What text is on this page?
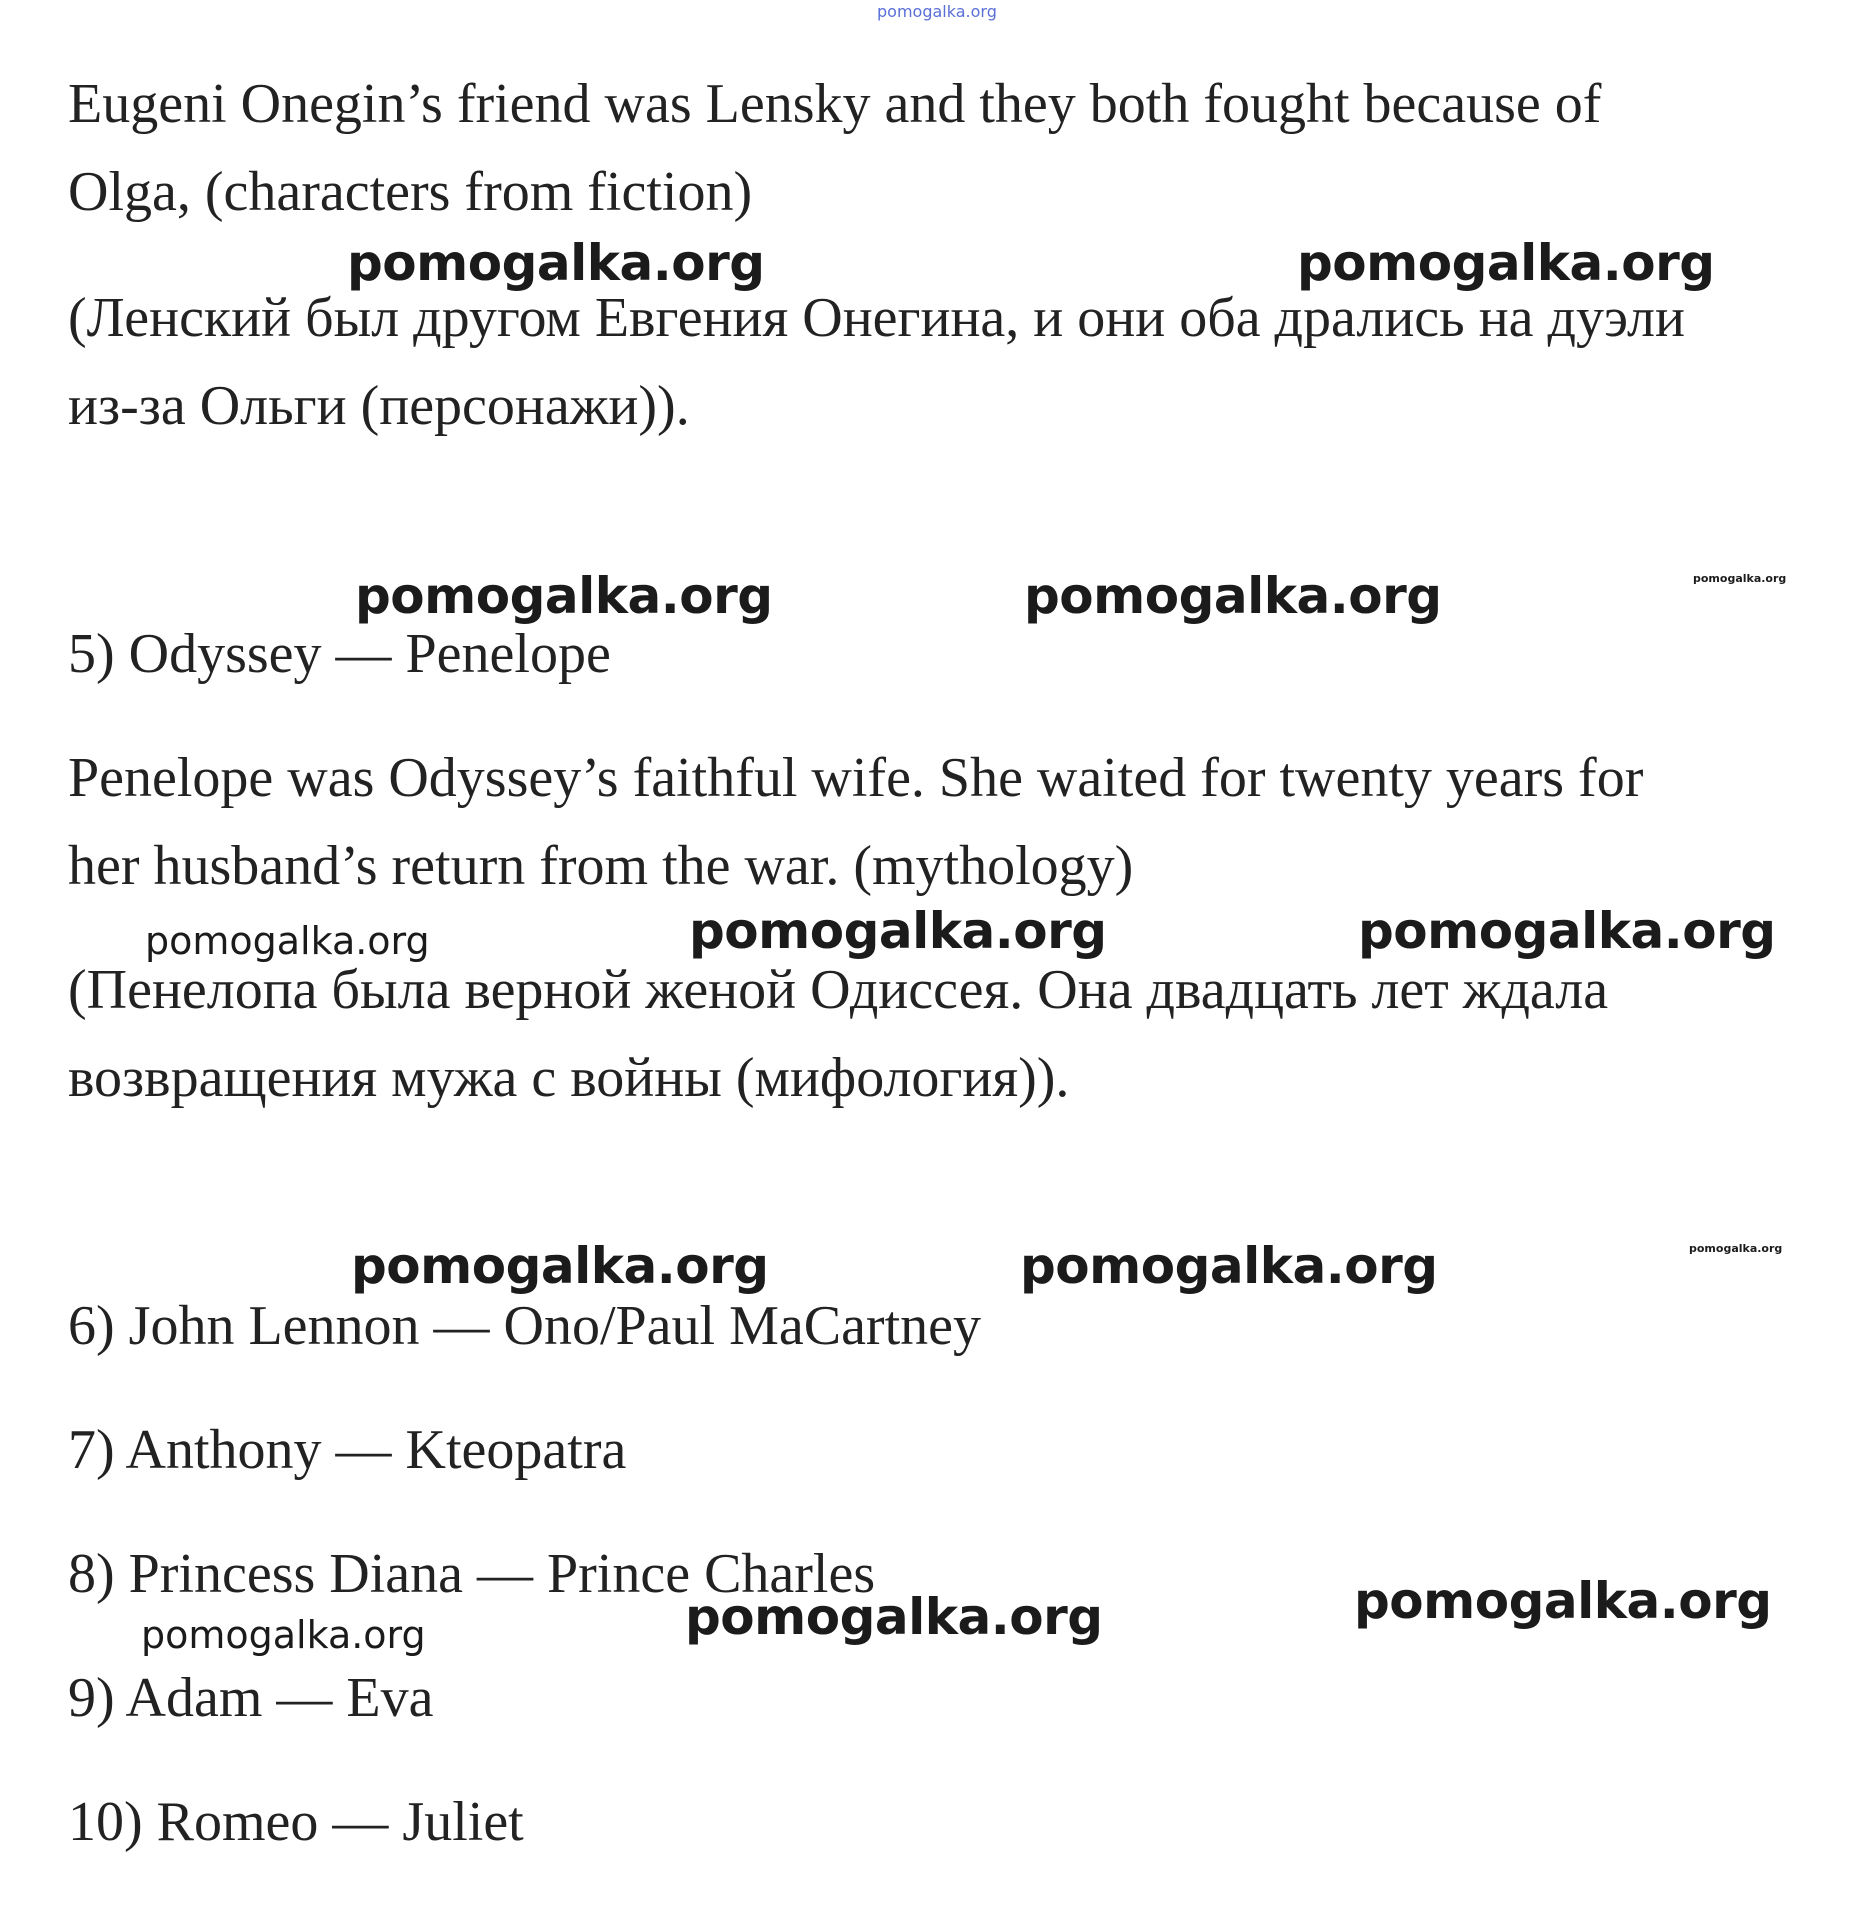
pomogalka.org
Eugeni Onegin’s friend was Lensky and they both fought because of
Olga, (characters from fiction)
pomogalka.org	pomogalka.org
(Ленский был другом Евгения Онегина, и они оба дрались на дуэли
из-за Ольги (персонажи)).
pomogalka.org	pomogalka.org	pomogalka.org
5) Odyssey — Penelope
Penelope was Odyssey’s faithful wife. She waited for twenty years for
her husband’s return from the war. (mythology)
pomogalka.org	pomogalka.org	pomogalka.org
(Пенелопа была верной женой Одиссея. Она двадцать лет ждала
возвращения мужа с войны (мифология)).
pomogalka.org	pomogalka.org	pomogalka.org
6) John Lennon — Ono/Paul MaCartney
7) Anthony — Kteopatra
8) Princess Diana — Prince Charles	pomogalka.org
pomogalka.org	pomogalka.org
9) Adam — Eva
10) Romeo — Juliet
